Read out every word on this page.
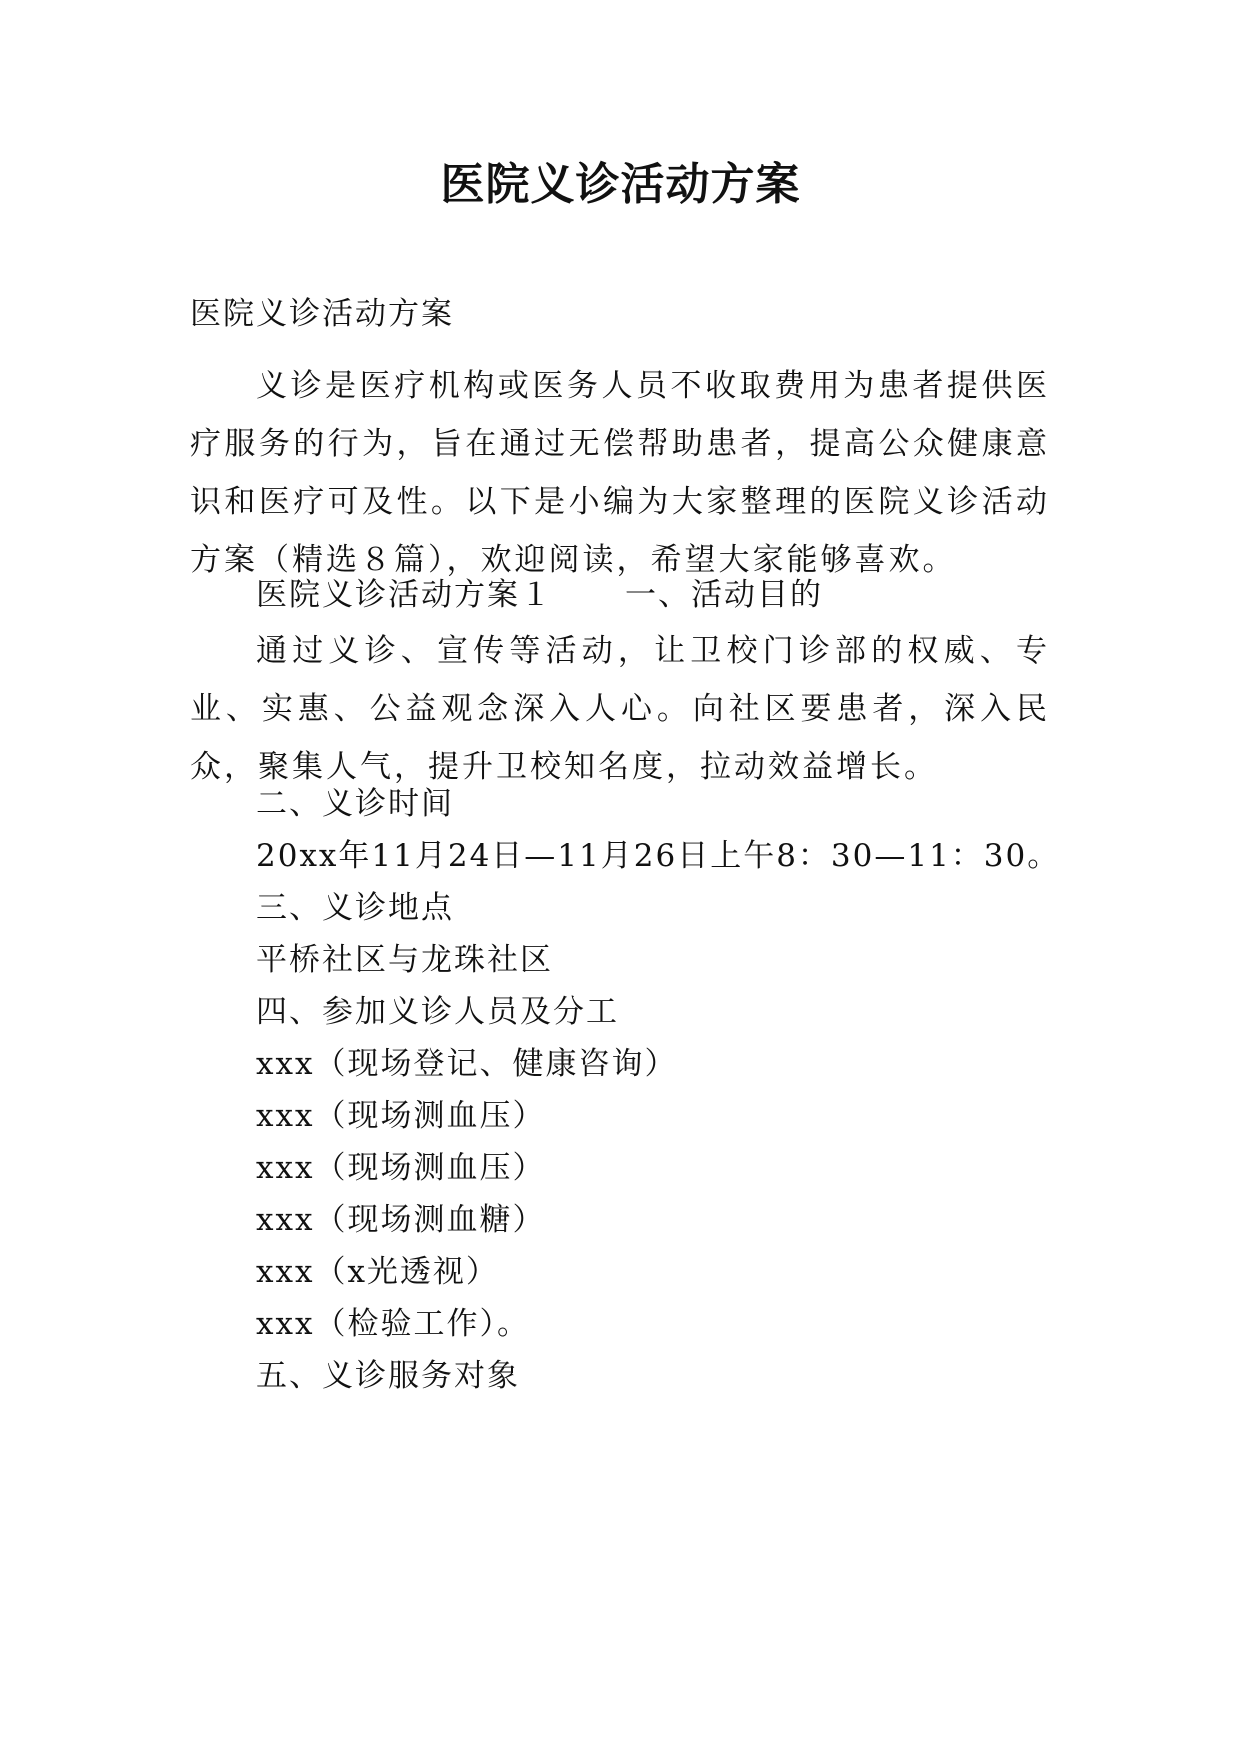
医院义诊活动方案
医院义诊活动方案

义诊是医疗机构或医务人员不收取费用为患者提供医疗服务的行为，旨在通过无偿帮助患者，提高公众健康意识和医疗可及性。以下是小编为大家整理的医院义诊活动方案（精选８篇），欢迎阅读，希望大家能够喜欢。

医院义诊活动方案１ 一、活动目的

通过义诊、宣传等活动，让卫校门诊部的权威、专业、实惠、公益观念深入人心。向社区要患者，深入民众，聚集人气，提升卫校知名度，拉动效益增长。

二、义诊时间
20xx年11月24日—11月26日上午8：30—11：30。
三、义诊地点
平桥社区与龙珠社区
四、参加义诊人员及分工
xxx（现场登记、健康咨询）
xxx（现场测血压）
xxx（现场测血压）
xxx（现场测血糖）
xxx（x光透视）
xxx（检验工作）。
五、义诊服务对象
